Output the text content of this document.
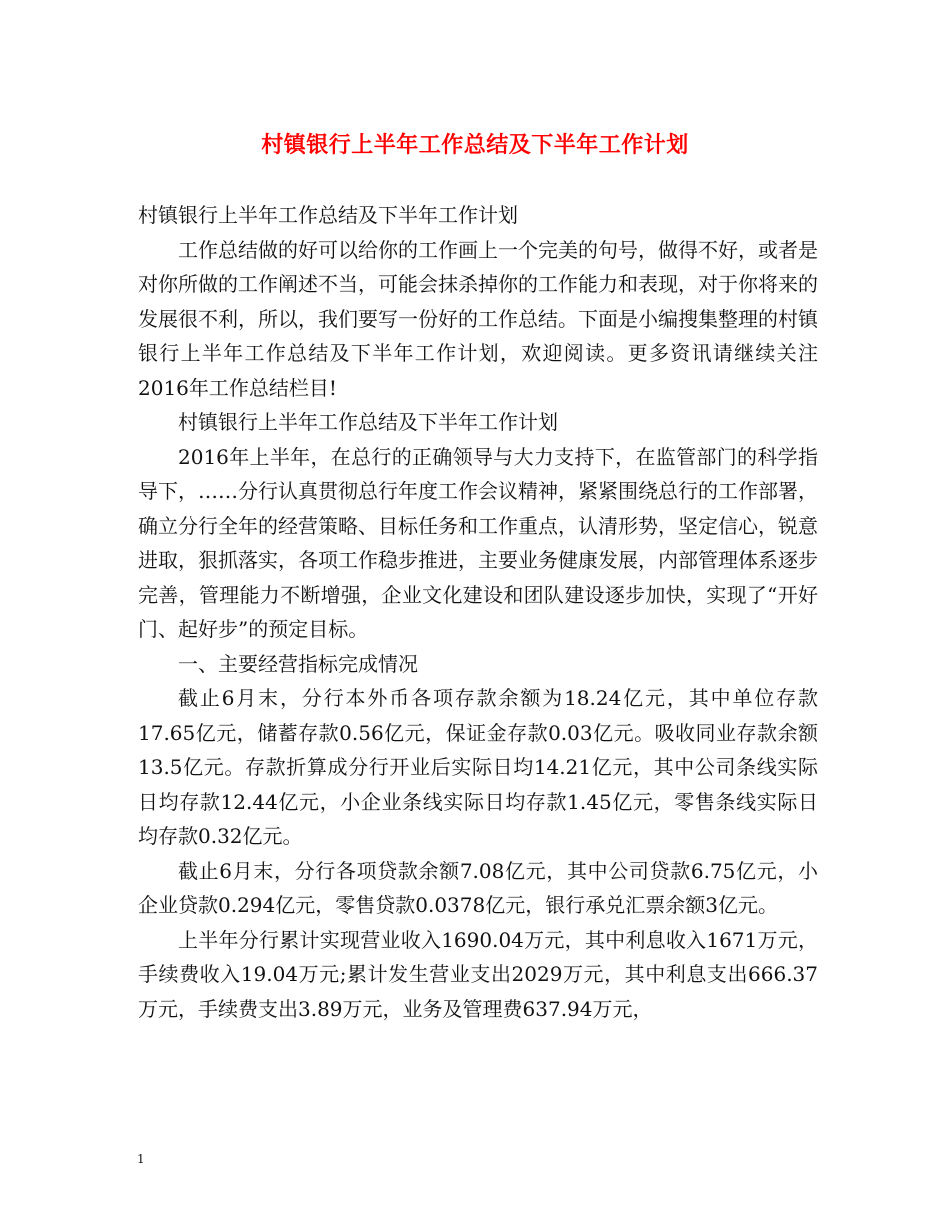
村镇银行上半年工作总结及下半年工作计划

村镇银行上半年工作总结及下半年工作计划

工作总结做的好可以给你的工作画上一个完美的句号，做得不好，或者是对你所做的工作阐述不当，可能会抹杀掉你的工作能力和表现，对于你将来的发展很不利，所以，我们要写一份好的工作总结。下面是小编搜集整理的村镇银行上半年工作总结及下半年工作计划，欢迎阅读。更多资讯请继续关注2016年工作总结栏目!

村镇银行上半年工作总结及下半年工作计划

2016年上半年，在总行的正确领导与大力支持下，在监管部门的科学指导下，……分行认真贯彻总行年度工作会议精神，紧紧围绕总行的工作部署，确立分行全年的经营策略、目标任务和工作重点，认清形势，坚定信心，锐意进取，狠抓落实，各项工作稳步推进，主要业务健康发展，内部管理体系逐步完善，管理能力不断增强，企业文化建设和团队建设逐步加快，实现了“开好门、起好步”的预定目标。

一、主要经营指标完成情况

截止6月末，分行本外币各项存款余额为18.24亿元，其中单位存款17.65亿元，储蓄存款0.56亿元，保证金存款0.03亿元。吸收同业存款余额13.5亿元。存款折算成分行开业后实际日均14.21亿元，其中公司条线实际日均存款12.44亿元，小企业条线实际日均存款1.45亿元，零售条线实际日均存款0.32亿元。

截止6月末，分行各项贷款余额7.08亿元，其中公司贷款6.75亿元，小企业贷款0.294亿元，零售贷款0.0378亿元，银行承兑汇票余额3亿元。

上半年分行累计实现营业收入1690.04万元，其中利息收入1671万元，手续费收入19.04万元;累计发生营业支出2029万元，其中利息支出666.37万元，手续费支出3.89万元，业务及管理费637.94万元，

1
